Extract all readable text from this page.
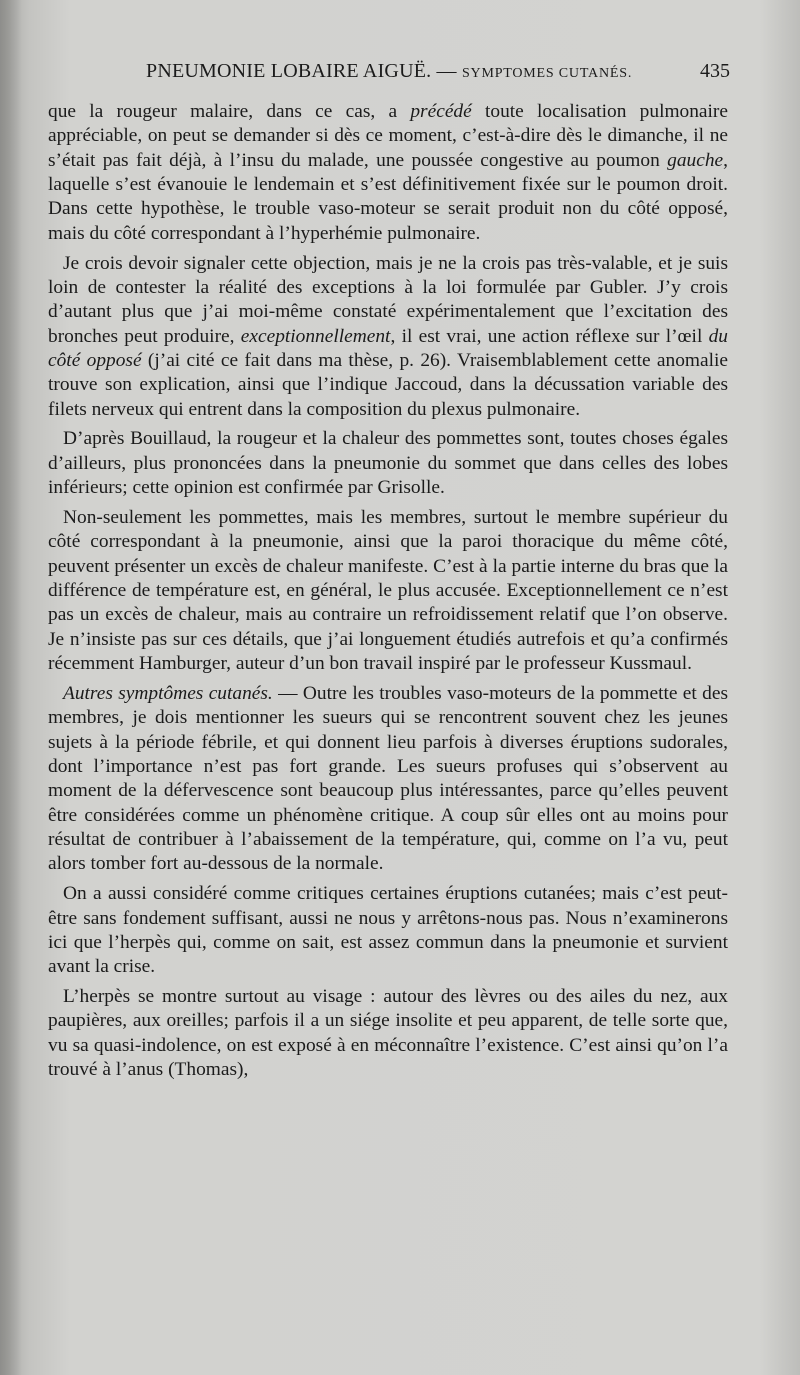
PNEUMONIE LOBAIRE AIGUË. — SYMPTOMES CUTANÉS.	435

que la rougeur malaire, dans ce cas, a précédé toute localisation pulmonaire appréciable, on peut se demander si dès ce moment, c’est-à-dire dès le dimanche, il ne s’était pas fait déjà, à l’insu du malade, une poussée congestive au poumon gauche, laquelle s’est évanouie le lendemain et s’est définitivement fixée sur le poumon droit. Dans cette hypothèse, le trouble vaso-moteur se serait produit non du côté opposé, mais du côté correspondant à l’hyperhémie pulmonaire.

Je crois devoir signaler cette objection, mais je ne la crois pas très-valable, et je suis loin de contester la réalité des exceptions à la loi formulée par Gubler. J’y crois d’autant plus que j’ai moi-même constaté expérimentalement que l’excitation des bronches peut produire, exceptionnellement, il est vrai, une action réflexe sur l’œil du côté opposé (j’ai cité ce fait dans ma thèse, p. 26). Vraisemblablement cette anomalie trouve son explication, ainsi que l’indique Jaccoud, dans la décussation variable des filets nerveux qui entrent dans la composition du plexus pulmonaire.

D’après Bouillaud, la rougeur et la chaleur des pommettes sont, toutes choses égales d’ailleurs, plus prononcées dans la pneumonie du sommet que dans celles des lobes inférieurs; cette opinion est confirmée par Grisolle.

Non-seulement les pommettes, mais les membres, surtout le membre supérieur du côté correspondant à la pneumonie, ainsi que la paroi thoracique du même côté, peuvent présenter un excès de chaleur manifeste. C’est à la partie interne du bras que la différence de température est, en général, le plus accusée. Exceptionnellement ce n’est pas un excès de chaleur, mais au contraire un refroidissement relatif que l’on observe. Je n’insiste pas sur ces détails, que j’ai longuement étudiés autrefois et qu’a confirmés récemment Hamburger, auteur d’un bon travail inspiré par le professeur Kussmaul.

Autres symptômes cutanés. — Outre les troubles vaso-moteurs de la pommette et des membres, je dois mentionner les sueurs qui se rencontrent souvent chez les jeunes sujets à la période fébrile, et qui donnent lieu parfois à diverses éruptions sudorales, dont l’importance n’est pas fort grande. Les sueurs profuses qui s’observent au moment de la défervescence sont beaucoup plus intéressantes, parce qu’elles peuvent être considérées comme un phénomène critique. A coup sûr elles ont au moins pour résultat de contribuer à l’abaissement de la température, qui, comme on l’a vu, peut alors tomber fort au-dessous de la normale.

On a aussi considéré comme critiques certaines éruptions cutanées; mais c’est peut-être sans fondement suffisant, aussi ne nous y arrêtons-nous pas. Nous n’examinerons ici que l’herpès qui, comme on sait, est assez commun dans la pneumonie et survient avant la crise.

L’herpès se montre surtout au visage : autour des lèvres ou des ailes du nez, aux paupières, aux oreilles; parfois il a un siége insolite et peu apparent, de telle sorte que, vu sa quasi-indolence, on est exposé à en méconnaître l’existence. C’est ainsi qu’on l’a trouvé à l’anus (Thomas),
